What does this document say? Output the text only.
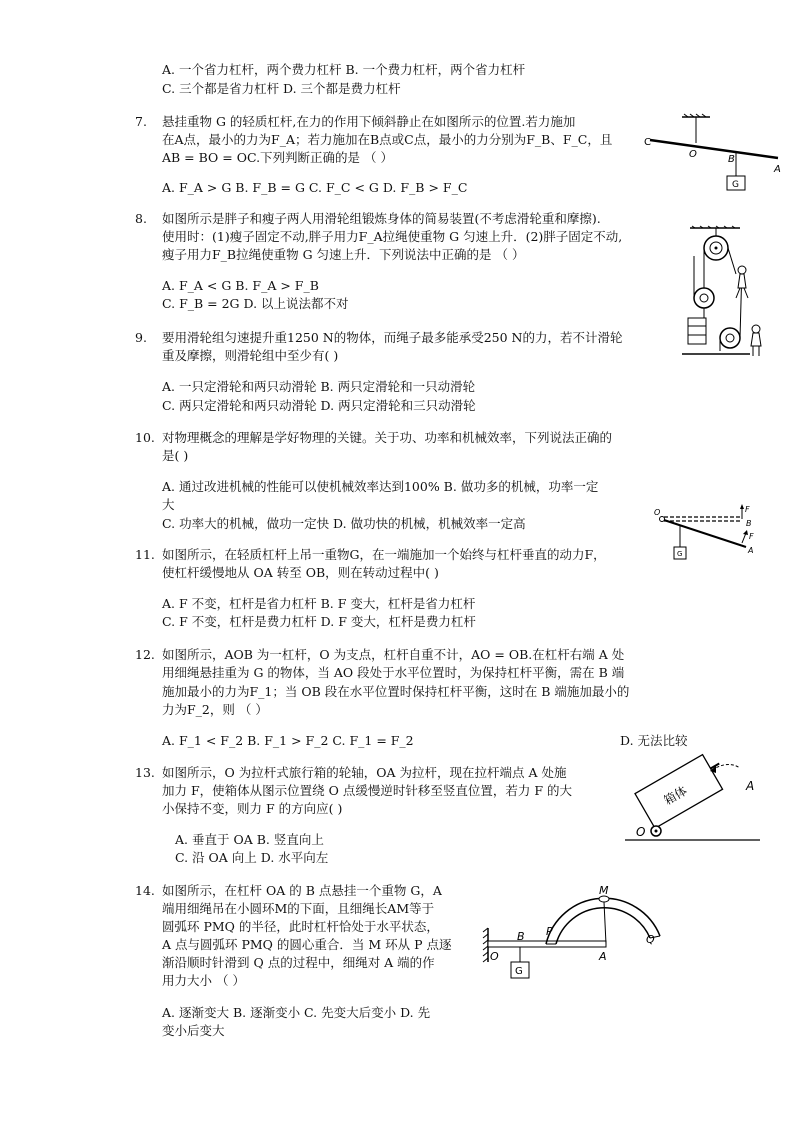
A. 一个省力杠杆，两个费力杠杆 B. 一个费力杠杆，两个省力杠杆
C. 三个都是省力杠杆 D. 三个都是费力杠杆
7. 悬挂重物 G 的轻质杠杆,在力的作用下倾斜静止在如图所示的位置.若力施加
在A点，最小的力为F_A；若力施加在B点或C点，最小的力分别为F_B、F_C，且
AB = BO = OC.下列判断正确的是 （ ）
A. F_A > G B. F_B = G C. F_C < G D. F_B > F_C
C
O	B
A
G
8. 如图所示是胖子和瘦子两人用滑轮组锻炼身体的简易装置(不考虑滑轮重和摩擦).
使用时：(1)瘦子固定不动,胖子用力F_A拉绳使重物 G 匀速上升．(2)胖子固定不动,
瘦子用力F_B拉绳使重物 G 匀速上升．下列说法中正确的是 （ ）
A. F_A < G B. F_A > F_B
C. F_B = 2G D. 以上说法都不对
9. 要用滑轮组匀速提升重1250 N的物体，而绳子最多能承受250 N的力，若不计滑轮
重及摩擦，则滑轮组中至少有( )
A. 一只定滑轮和两只动滑轮 B. 两只定滑轮和一只动滑轮
C. 两只定滑轮和两只动滑轮 D. 两只定滑轮和三只动滑轮
10. 对物理概念的理解是学好物理的关键。关于功、功率和机械效率，下列说法正确的
是( )
A. 通过改进机械的性能可以使机械效率达到100% B. 做功多的机械，功率一定
大
C. 功率大的机械，做功一定快 D. 做功快的机械，机械效率一定高
O	F
B
G	A
F
11. 如图所示，在轻质杠杆上吊一重物G，在一端施加一个始终与杠杆垂直的动力F，
使杠杆缓慢地从 OA 转至 OB，则在转动过程中( )
A. F 不变，杠杆是省力杠杆 B. F 变大，杠杆是省力杠杆
C. F 不变，杠杆是费力杠杆 D. F 变大，杠杆是费力杠杆
12. 如图所示，AOB 为一杠杆，O 为支点，杠杆自重不计，AO = OB.在杠杆右端 A 处
用细绳悬挂重为 G 的物体，当 AO 段处于水平位置时，为保持杠杆平衡，需在 B 端
施加最小的力为F_1；当 OB 段在水平位置时保持杠杆平衡，这时在 B 端施加最小的
力为F_2，则 （ ）
A. F_1 < F_2 B. F_1 > F_2 C. F_1 = F_2	D. 无法比较
13. 如图所示，O 为拉杆式旅行箱的轮轴，OA 为拉杆，现在拉杆端点 A 处施
加力 F，使箱体从图示位置绕 O 点缓慢逆时针移至竖直位置，若力 F 的大
小保持不变，则力 F 的方向应( )
A. 垂直于 OA B. 竖直向上
C. 沿 OA 向上 D. 水平向左
箱体	A
O
14. 如图所示，在杠杆 OA 的 B 点悬挂一个重物 G，A
端用细绳吊在小圆环M的下面，且细绳长AM等于
圆弧环 PMQ 的半径，此时杠杆恰处于水平状态，
A 点与圆弧环 PMQ 的圆心重合．当 M 环从 P 点逐
渐沿顺时针滑到 Q 点的过程中，细绳对 A 端的作
用力大小 （ ）
A. 逐渐变大 B. 逐渐变小 C. 先变大后变小 D. 先
变小后变大
M
P
B
O	A
Q
G
